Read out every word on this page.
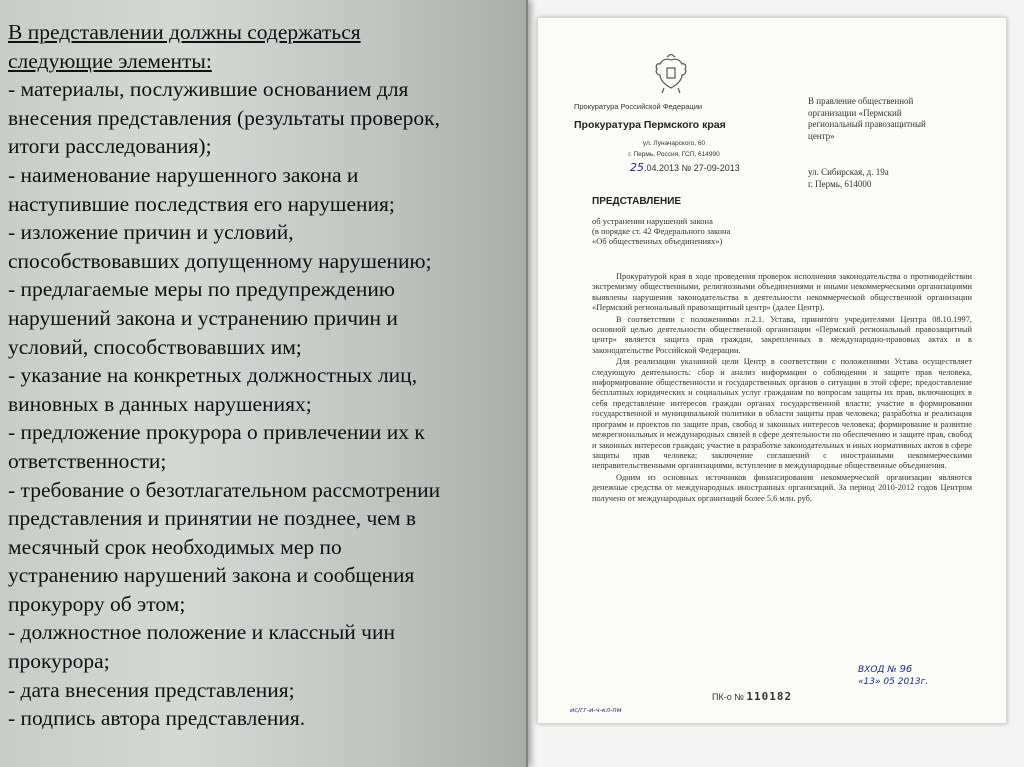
В представлении должны содержаться
следующие элементы:
- материалы, послужившие основанием для
внесения представления (результаты проверок,
итоги расследования);
- наименование нарушенного закона и
наступившие последствия его нарушения;
- изложение причин и условий,
способствовавших допущенному нарушению;
- предлагаемые меры по предупреждению
нарушений закона и устранению причин и
условий, способствовавших им;
- указание на конкретных должностных лиц,
виновных в данных нарушениях;
- предложение прокурора о привлечении их к
ответственности;
- требование о безотлагательном рассмотрении
представления и принятии не позднее, чем в
месячный срок необходимых мер по
устранению нарушений закона и сообщения
прокурору об этом;
- должностное положение и классный чин
прокурора;
- дата внесения представления;
- подпись автора представления.
Прокуратура Российской Федерации
Прокуратура Пермского края
ул. Луначарского, 60
г. Пермь, Россия, ГСП, 614990
25.04.2013 № 27-09-2013
В правление общественной
организации «Пермский
региональный правозащитный
центр»
ул. Сибирская, д. 19а
г. Пермь, 614000
ПРЕДСТАВЛЕНИЕ
об устранении нарушений закона
(в порядке ст. 42 Федерального закона
«Об общественных объединениях»)

Прокуратурой края в ходе проведения проверок исполнения законодательства о противодействии экстремизму общественными, религиозными объединениями и иными некоммерческими организациями выявлены нарушения законодательства в деятельности некоммерческой общественной организации «Пермский региональный правозащитный центр» (далее Центр).

В соответствии с положениями п.2.1. Устава, принятого учредителями Центра 08.10.1997, основной целью деятельности общественной организации «Пермский региональный правозащитный центр» является защита прав граждан, закрепленных в международно-правовых актах и в законодательстве Российской Федерации.

Для реализации указанной цели Центр в соответствии с положениями Устава осуществляет следующую деятельность: сбор и анализ информации о соблюдении и защите прав человека, информирование общественности и государственных органов о ситуации в этой сфере; предоставление бесплатных юридических и социальных услуг гражданам по вопросам защиты их прав, включающих в себя представление интересов граждан органах государственной власти; участие в формировании государственной и муниципальной политики в области защиты прав человека; разработка и реализация программ и проектов по защите прав, свобод и законных интересов человека; формирование и развитие межрегиональных и международных связей в сфере деятельности по обеспечению и защите прав, свобод и законных интересов граждан; участие в разработке законодательных и иных нормативных актов в сфере защиты прав человека; заключение соглашений с иностранными некоммерческими неправительственными организациями, вступление в международные общественные объединения.

Одним из основных источников финансирования некоммерческой организации являются денежные средства от международных иностранных организаций. За период 2010-2012 годов Центром получено от международных организаций более 5,6 млн. руб.

ВХОД № 96
«13» 05 2013г.
ПК-о № 110182
ис/гг-и-ч-кл-пм
